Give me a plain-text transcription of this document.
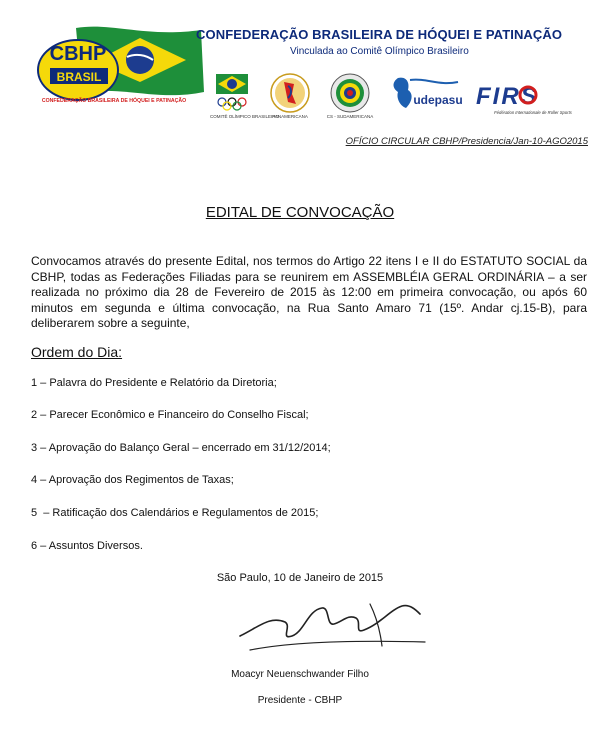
CBHP
BRASIL
CONFEDERAÇÃO BRASILEIRA DE HÓQUEI E PATINAÇÃO
CONFEDERAÇÃO BRASILEIRA DE HÓQUEI E PATINAÇÃO
Vinculada ao Comitê Olímpico Brasileiro
COMITÊ OLÍMPICO BRASILEIRO
PANAMERICANA	CS - SUDAMERICANA
udepasu FIRS
Fédération Internationale de Roller Sports
OFÍCIO CIRCULAR CBHP/Presidencia/Jan-10-AGO2015
EDITAL DE CONVOCAÇÃO
Convocamos através do presente Edital, nos termos do Artigo 22 itens I e II do ESTATUTO SOCIAL da CBHP, todas as Federações Filiadas para se reunirem em ASSEMBLÉIA GERAL ORDINÁRIA – a ser realizada no próximo dia 28 de Fevereiro de 2015 às 12:00 em primeira convocação, ou após 60 minutos em segunda e última convocação, na Rua Santo Amaro 71 (15º. Andar cj.15-B), para deliberarem sobre a seguinte,
Ordem do Dia:
1 – Palavra do Presidente e Relatório da Diretoria;
2 – Parecer Econômico e Financeiro do Conselho Fiscal;
3 – Aprovação do Balanço Geral – encerrado em 31/12/2014;
4 – Aprovação dos Regimentos de Taxas;
5  – Ratificação dos Calendários e Regulamentos de 2015;
6 – Assuntos Diversos.
São Paulo, 10 de Janeiro de 2015
Moacyr Neuenschwander Filho
Presidente - CBHP
